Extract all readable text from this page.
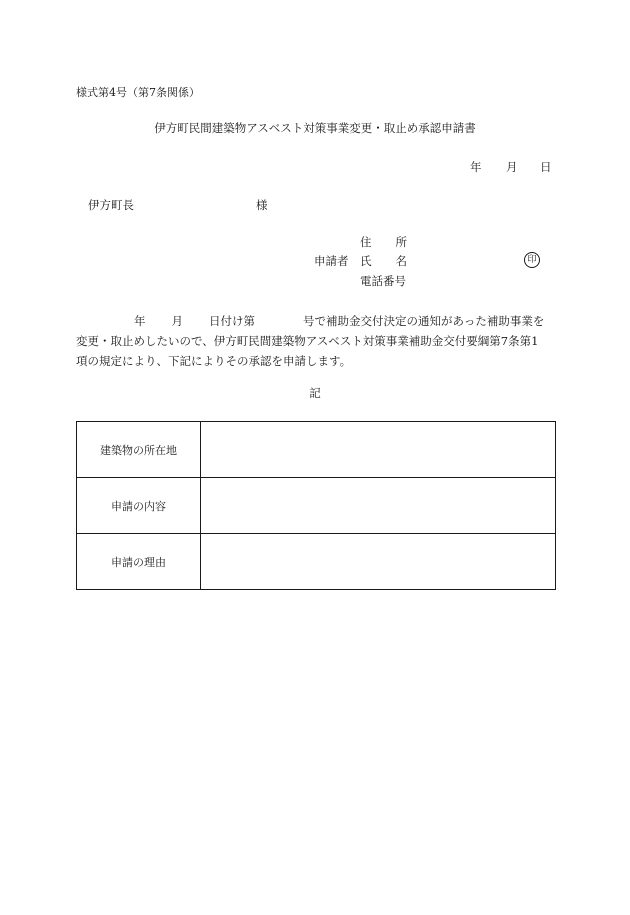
様式第4号（第7条関係）
伊方町民間建築物アスベスト対策事業変更・取止め承認申請書
年 月 日
伊方町長	様
住 所
申請者 氏 名
電話番号
印
年 月 日付け第	号で補助金交付決定の通知があった補助事業を
変更・取止めしたいので、伊方町民間建築物アスベスト対策事業補助金交付要綱第7条第1
項の規定により、下記によりその承認を申請します。
記
建築物の所在地	
申請の内容	
申請の理由	
